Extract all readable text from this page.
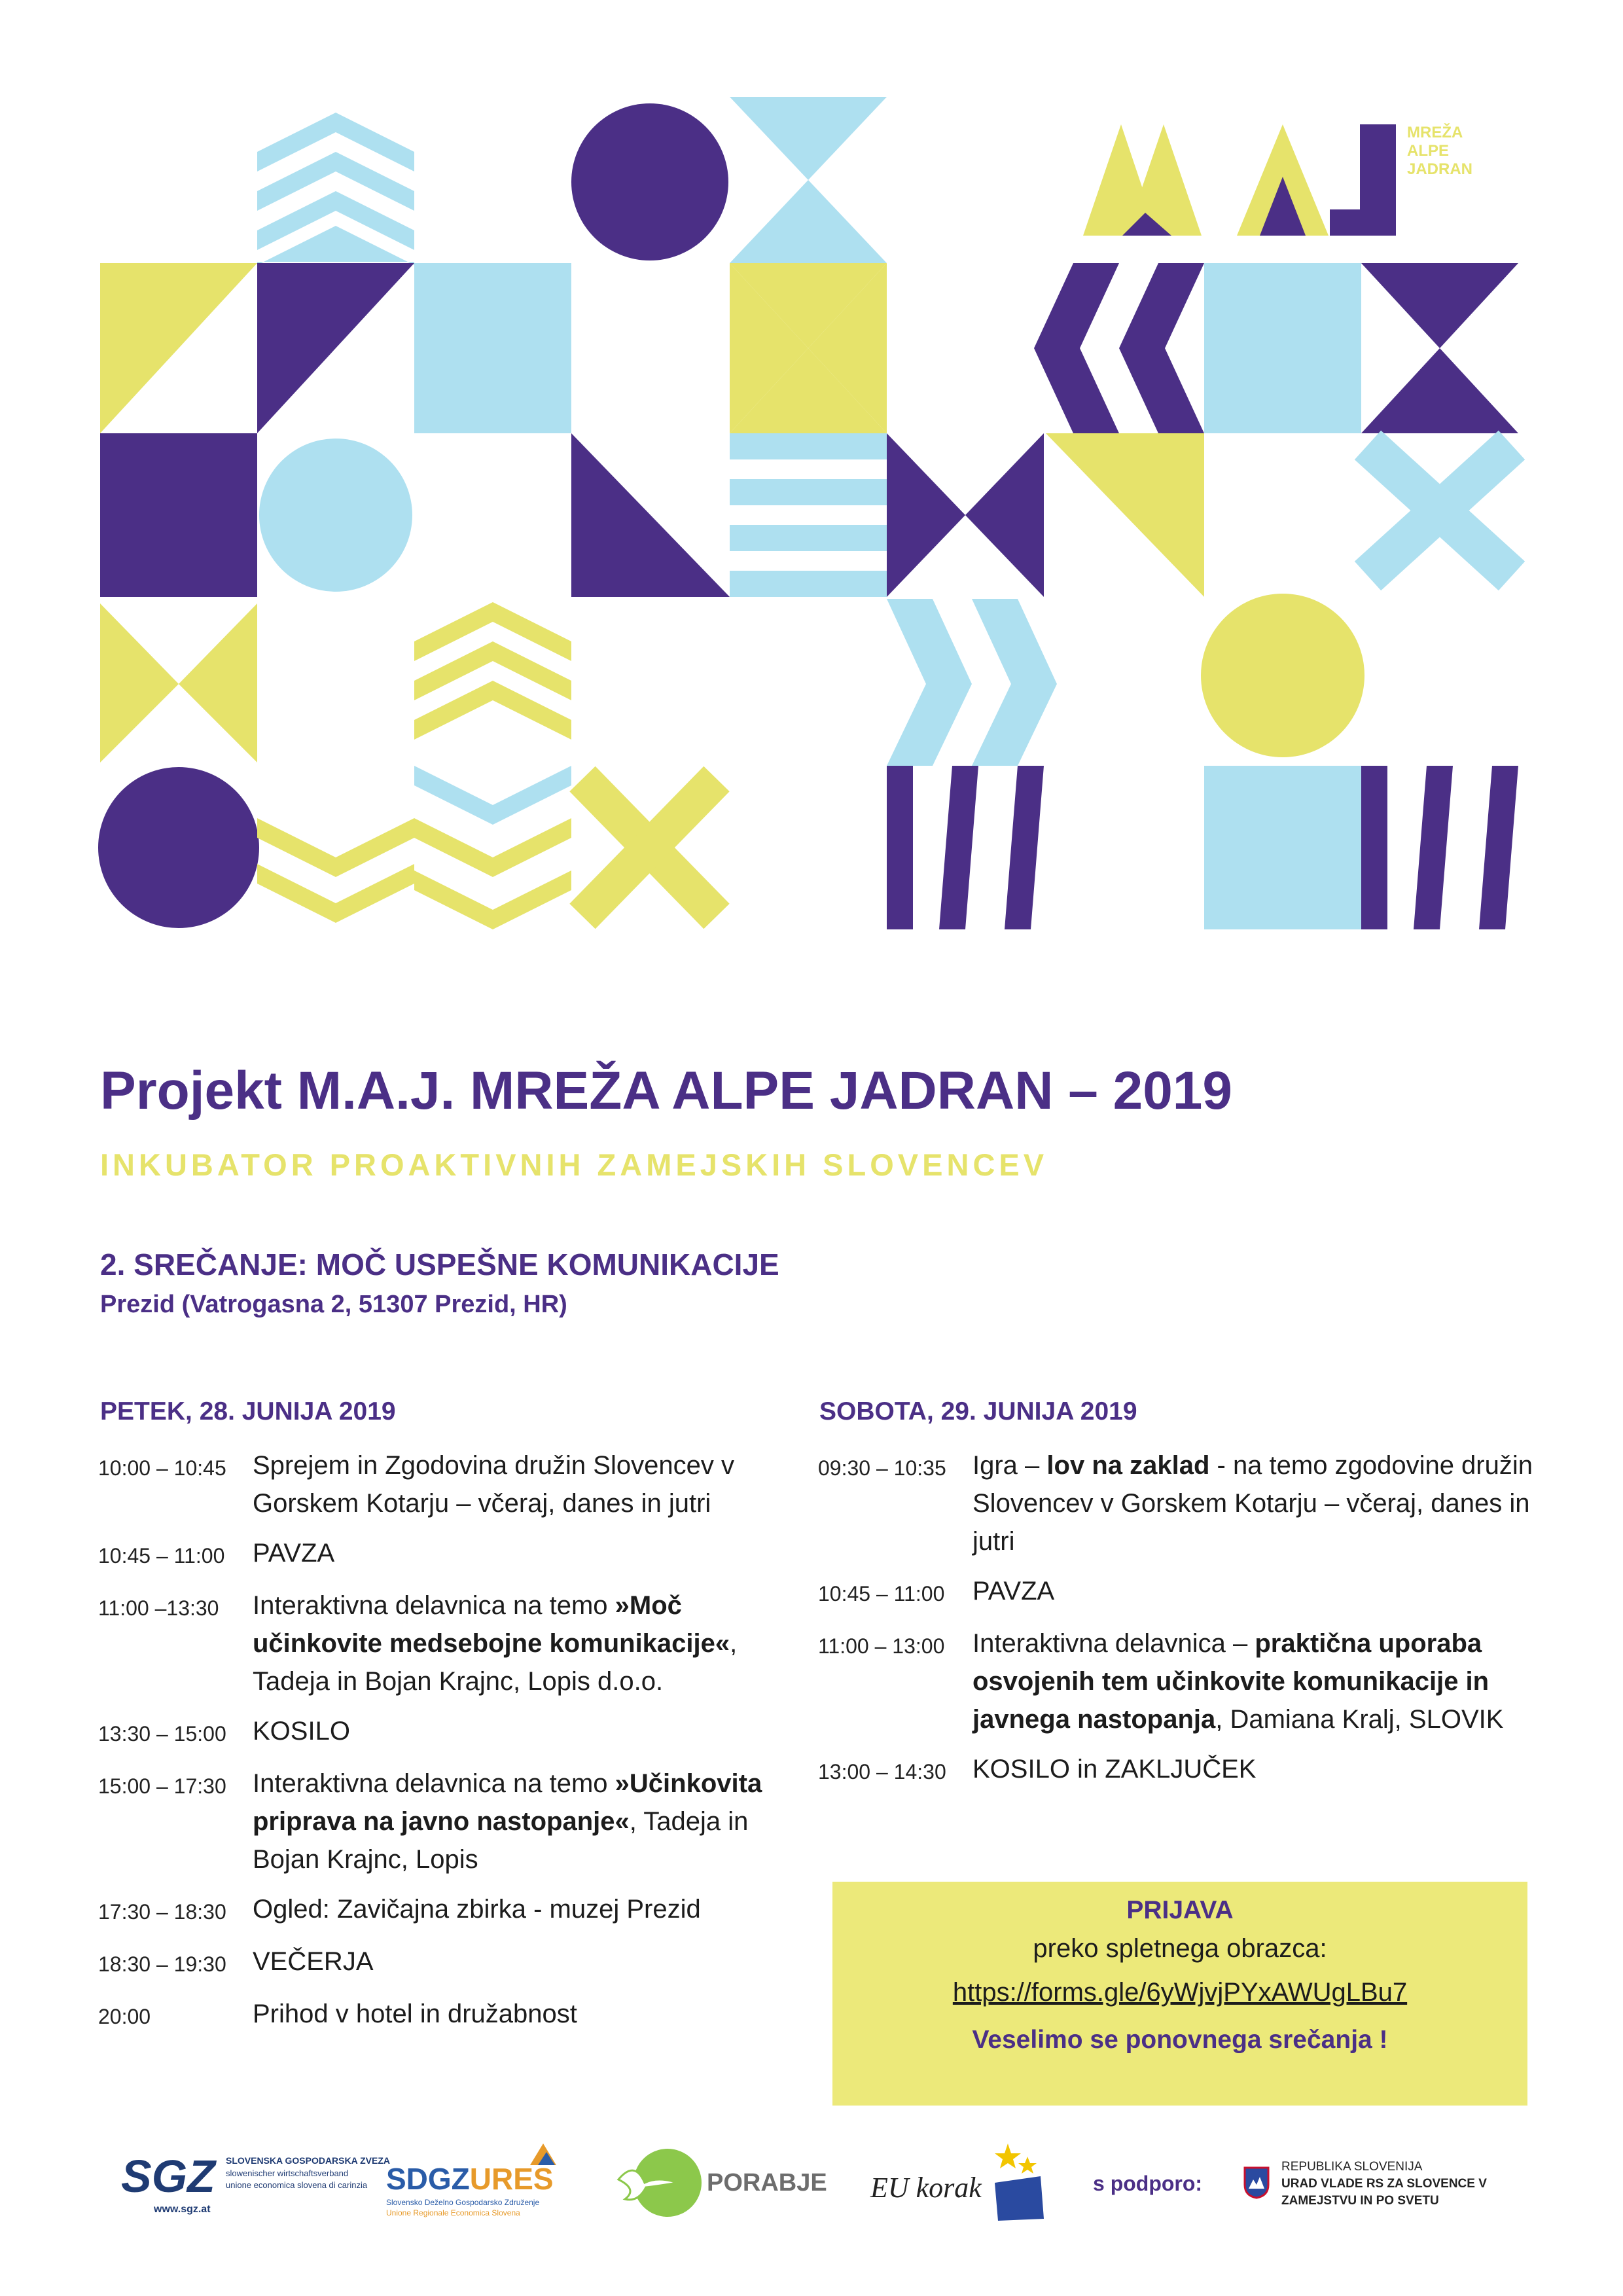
MREŽA
ALPE
JADRAN
Projekt M.A.J. MREŽA ALPE JADRAN – 2019
INKUBATOR PROAKTIVNIH ZAMEJSKIH SLOVENCEV
2. SREČANJE: MOČ USPEŠNE KOMUNIKACIJE
Prezid (Vatrogasna 2, 51307 Prezid, HR)
PETEK, 28. JUNIJA 2019	SOBOTA, 29. JUNIJA 2019
10:00 – 10:45	Sprejem in Zgodovina družin Slovencev v Gorskem Kotarju – včeraj, danes in jutri
10:45 – 11:00	PAVZA
11:00 –13:30	Interaktivna delavnica na temo »Moč učinkovite medsebojne komunikacije«, Tadeja in Bojan Krajnc, Lopis d.o.o.
13:30 – 15:00	KOSILO
15:00 – 17:30	Interaktivna delavnica na temo »Učinkovita priprava na javno nastopanje«, Tadeja in Bojan Krajnc, Lopis
17:30 – 18:30	Ogled: Zavičajna zbirka - muzej Prezid
18:30 – 19:30	VEČERJA
20:00	Prihod v hotel in družabnost
09:30 – 10:35	Igra – lov na zaklad - na temo zgodovine družin Slovencev v Gorskem Kotarju – včeraj, danes in jutri
10:45 – 11:00	PAVZA
11:00 – 13:00	Interaktivna delavnica – praktična uporaba osvojenih tem učinkovite komunikacije in javnega nastopanja, Damiana Kralj, SLOVIK
13:00 – 14:30	KOSILO in ZAKLJUČEK
PRIJAVA
preko spletnega obrazca:
https://forms.gle/6yWjvjPYxAWUgLBu7
Veselimo se ponovnega srečanja !
SGZ SLOVENSKA GOSPODARSKA ZVEZA
slowenischer wirtschaftsverband
unione economica slovena di carinzia
www.sgz.at
SDGZURES
Slovensko Deželno Gospodarsko Združenje
Unione Regionale Economica Slovena
PORABJE EU korak	s podporo:
REPUBLIKA SLOVENIJA
URAD VLADE RS ZA SLOVENCE V
ZAMEJSTVU IN PO SVETU
